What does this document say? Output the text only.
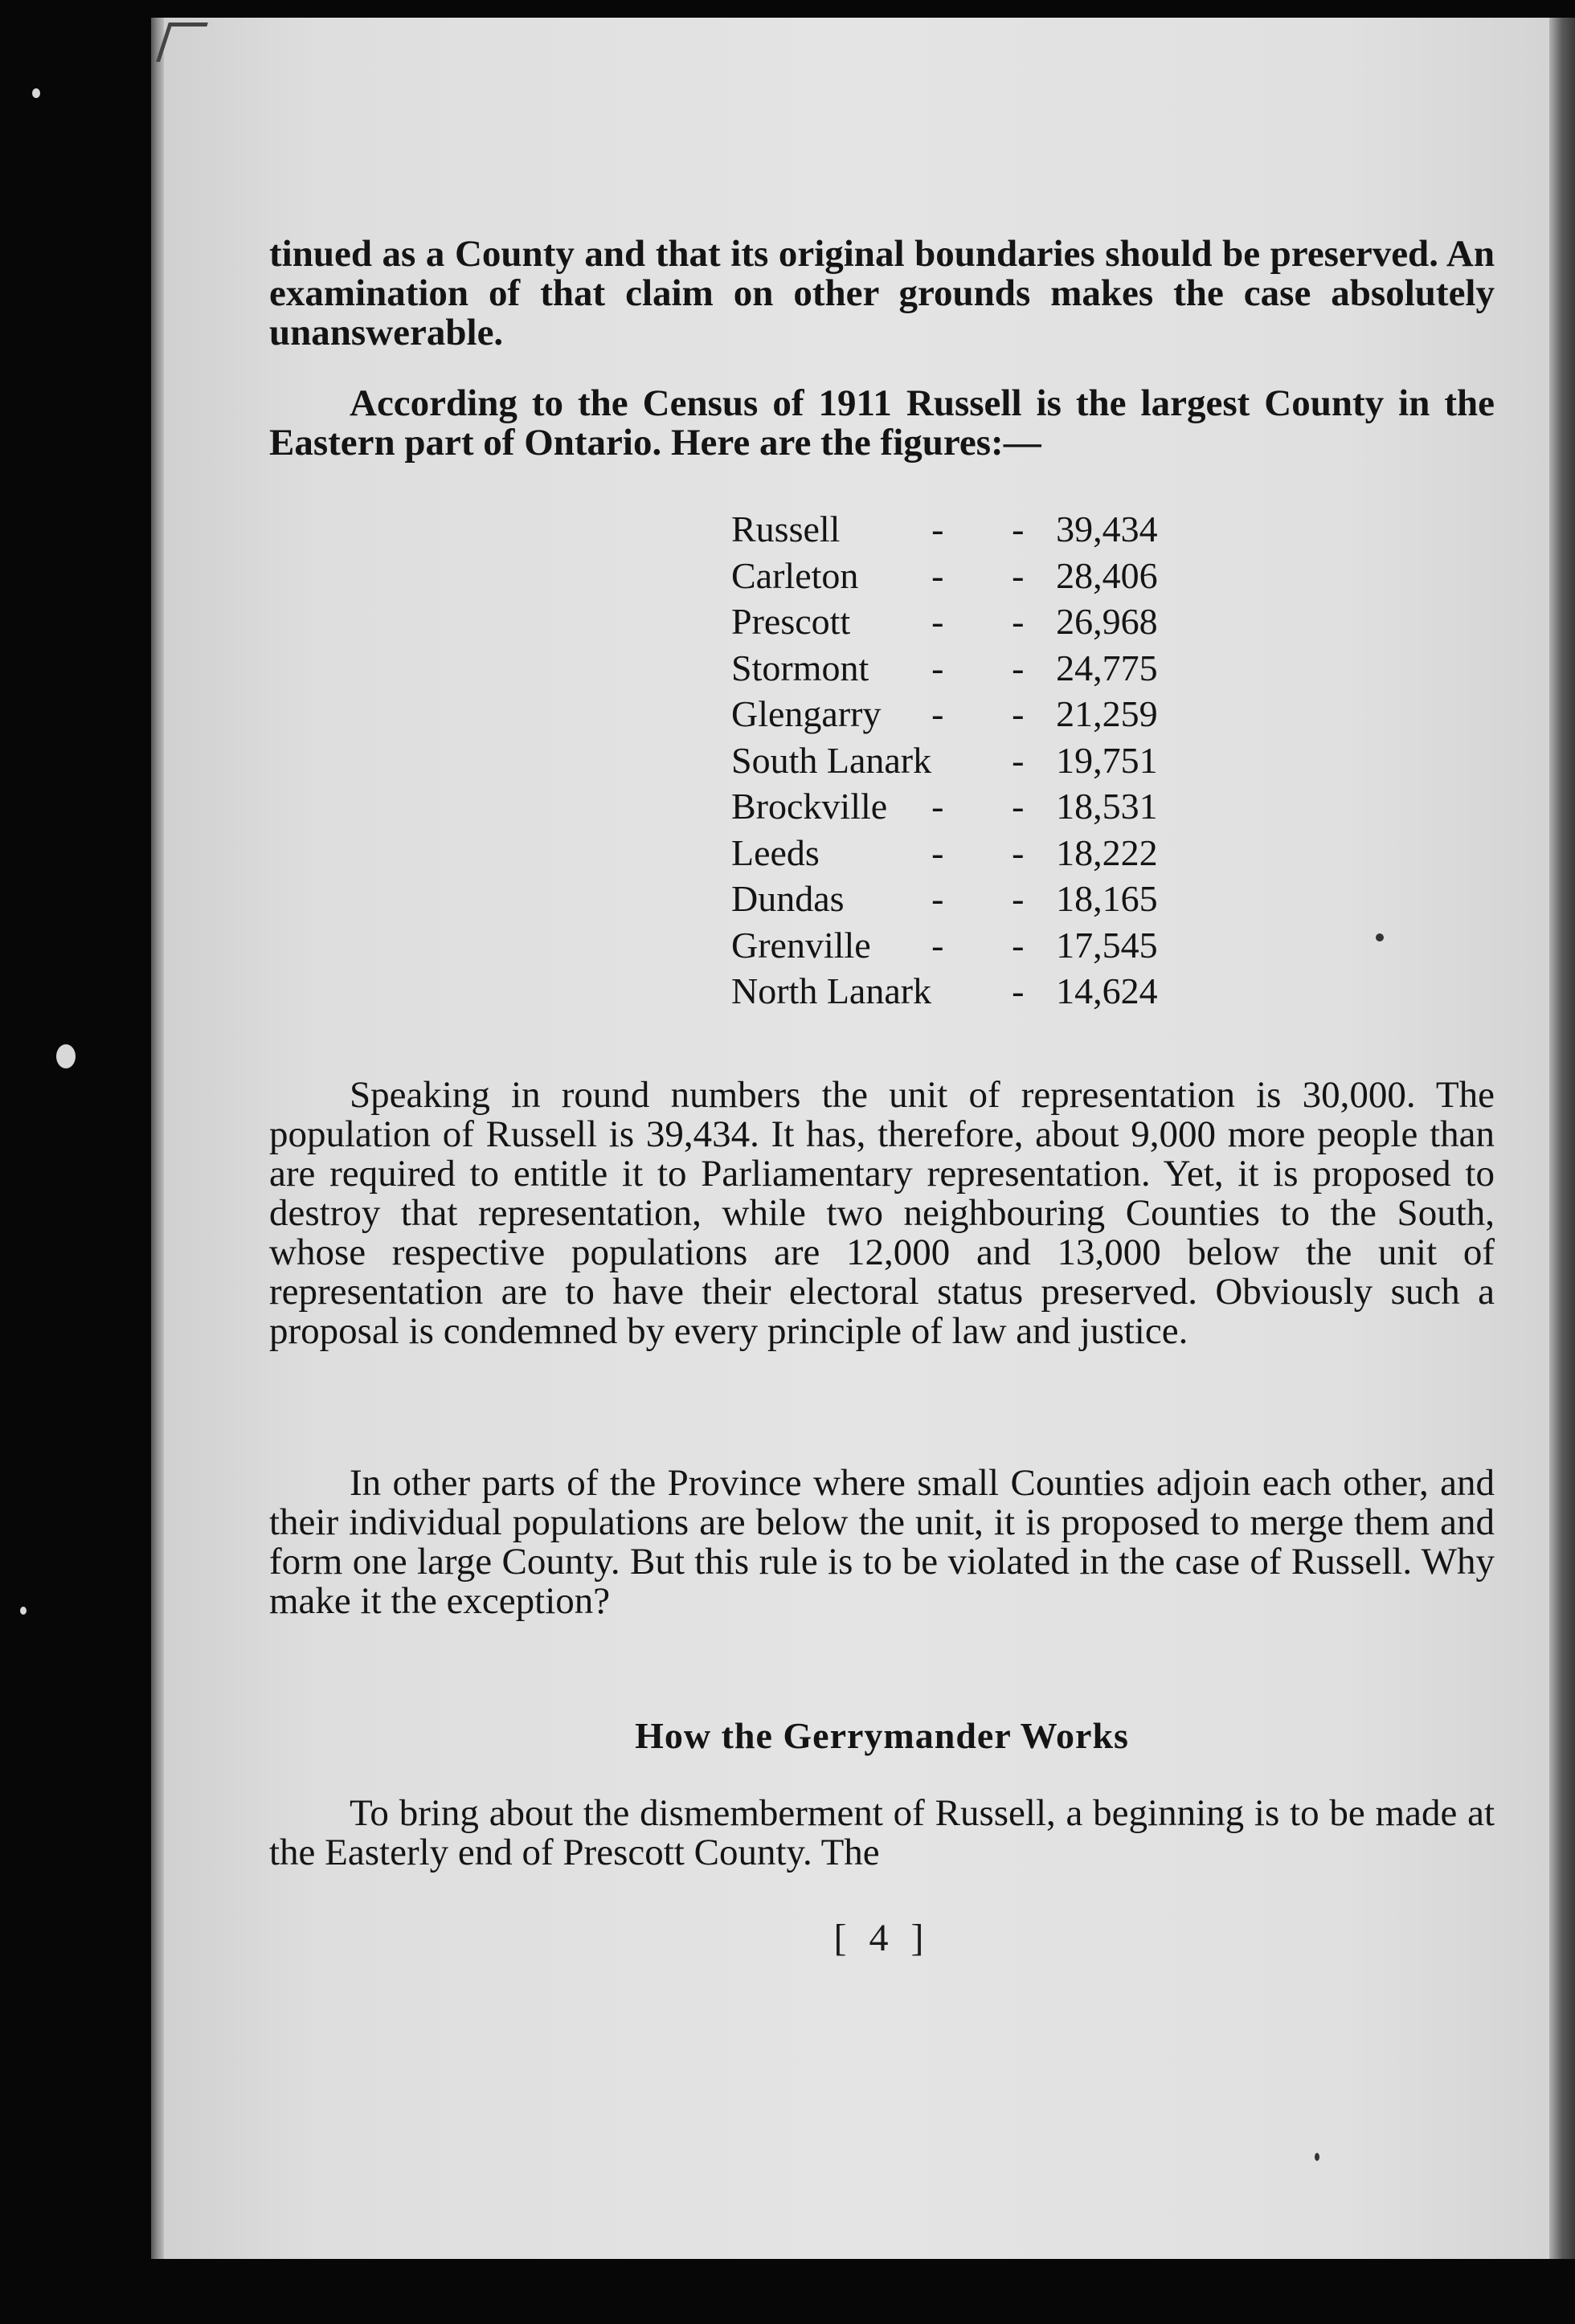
tinued as a County and that its original boundaries should be preserved. An examination of that claim on other grounds makes the case absolutely unanswerable.

According to the Census of 1911 Russell is the largest County in the Eastern part of Ontario. Here are the figures:—

Russell	-	-	39,434
Carleton	-	-	28,406
Prescott	-	-	26,968
Stormont	-	-	24,775
Glengarry	-	-	21,259
South Lanark		-	19,751
Brockville	-	-	18,531
Leeds	-	-	18,222
Dundas	-	-	18,165
Grenville	-	-	17,545
North Lanark		-	14,624

Speaking in round numbers the unit of representation is 30,000. The population of Russell is 39,434. It has, therefore, about 9,000 more people than are required to entitle it to Parliamentary representation. Yet, it is proposed to destroy that representation, while two neighbouring Counties to the South, whose respective populations are 12,000 and 13,000 below the unit of representation are to have their electoral status preserved. Obviously such a proposal is condemned by every principle of law and justice.

In other parts of the Province where small Counties adjoin each other, and their individual populations are below the unit, it is proposed to merge them and form one large County. But this rule is to be violated in the case of Russell. Why make it the exception?

How the Gerrymander Works

To bring about the dismemberment of Russell, a beginning is to be made at the Easterly end of Prescott County. The

[ 4 ]
